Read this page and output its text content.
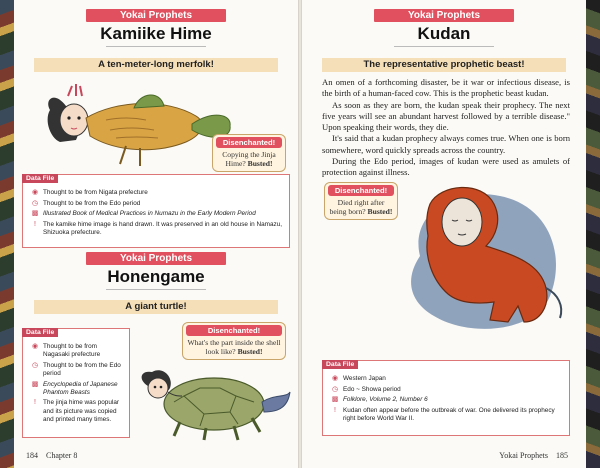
Yokai Prophets
Kamiike Hime
A ten-meter-long merfolk!
Disenchanted!
Copying the Jinja Hime? Busted!
Data File
◉ Thought to be from Nigata prefecture
◷ Thought to be from the Edo period
▩ Illustrated Book of Medical Practices in Numazu in the Early Modern Period
!	The kamike hime image is hand drawn. It was preserved in an old house in Namazu, Shizuoka prefecture.
Yokai Prophets
Honengame
A giant turtle!
Data File
◉ Thought to be from Nagasaki prefecture
◷ Thought to be from the Edo period
▩ Encyclopedia of Japanese Phantom Beasts
!	The jinja hime was popular and its picture was copied and printed many times.
Disenchanted!
What's the part inside the shell look like? Busted!
184 Chapter 8
Yokai Prophets
Kudan
The representative prophetic beast!

An omen of a forthcoming disaster, be it war or infectious disease, is the birth of a human-faced cow. This is the prophetic beast kudan.

As soon as they are born, the kudan speak their prophecy. The next five years will see an abundant harvest followed by a terrible disease." Upon speaking their words, they die.

It's said that a kudan prophecy always comes true. When one is born somewhere, word quickly spreads across the country.

During the Edo period, images of kudan were used as amulets of protection against illness.

Disenchanted!
Died right after being born? Busted!
Data File
◉ Western Japan
◷ Edo ~ Showa period
▩ Folklore, Volume 2, Number 6
!	Kudan often appear before the outbreak of war. One delivered its prophecy right before World War II.
Yokai Prophets 185
